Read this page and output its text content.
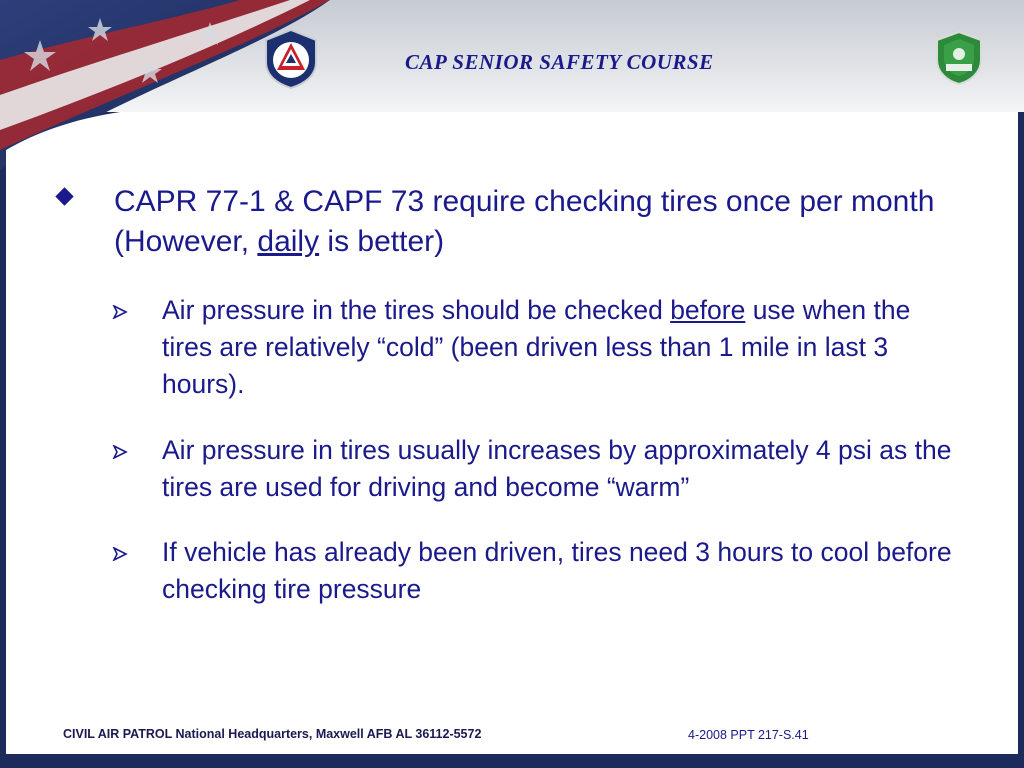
CAP SENIOR SAFETY COURSE
CAPR 77-1 & CAPF 73 require checking tires once per month (However, daily is better)
Air pressure in the tires should be checked before use when the tires are relatively “cold” (been driven less than 1 mile in last 3 hours).
Air pressure in tires usually increases by approximately 4 psi as the tires are used for driving and become “warm”
If vehicle has already been driven, tires need 3 hours to cool before checking tire pressure
CIVIL AIR PATROL National Headquarters, Maxwell AFB AL 36112-5572	4-2008 PPT 217-S.41
